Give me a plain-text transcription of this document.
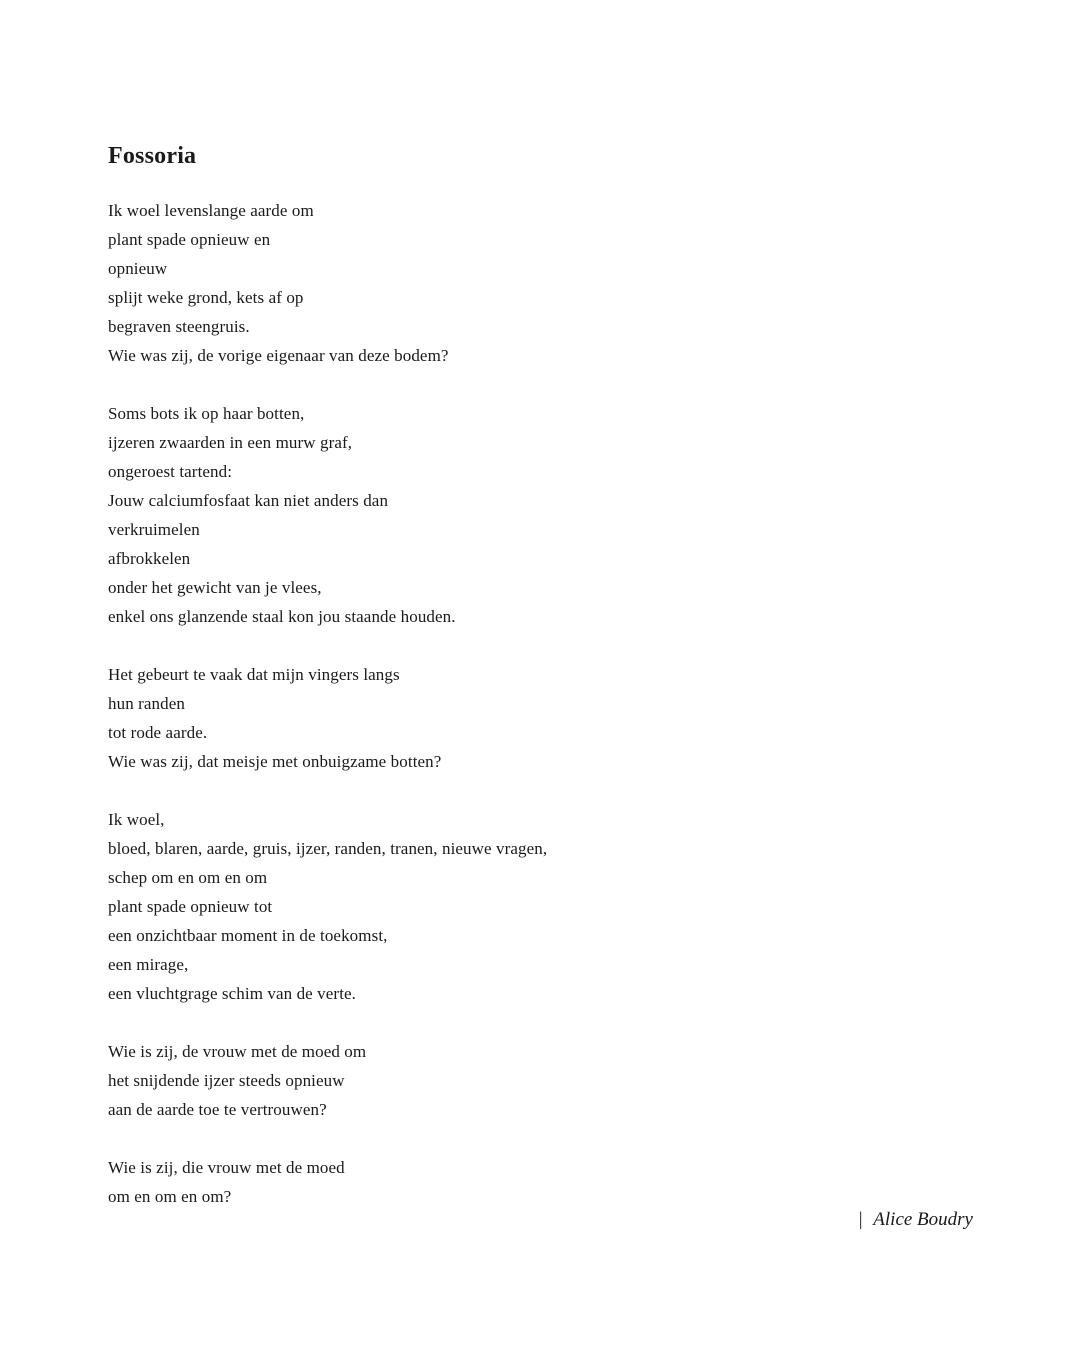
Fossoria

Ik woel levenslange aarde om
plant spade opnieuw en
opnieuw
splijt weke grond, kets af op
begraven steengruis.
Wie was zij, de vorige eigenaar van deze bodem?

Soms bots ik op haar botten,
ijzeren zwaarden in een murw graf,
ongeroest tartend:
Jouw calciumfosfaat kan niet anders dan
verkruimelen
afbrokkelen
onder het gewicht van je vlees,
enkel ons glanzende staal kon jou staande houden.

Het gebeurt te vaak dat mijn vingers langs
hun randen
tot rode aarde.
Wie was zij, dat meisje met onbuigzame botten?

Ik woel,
bloed, blaren, aarde, gruis, ijzer, randen, tranen, nieuwe vragen,
schep om en om en om
plant spade opnieuw tot
een onzichtbaar moment in de toekomst,
een mirage,
een vluchtgrage schim van de verte.

Wie is zij, de vrouw met de moed om
het snijdende ijzer steeds opnieuw
aan de aarde toe te vertrouwen?

Wie is zij, die vrouw met de moed
om en om en om?

| Alice Boudry
